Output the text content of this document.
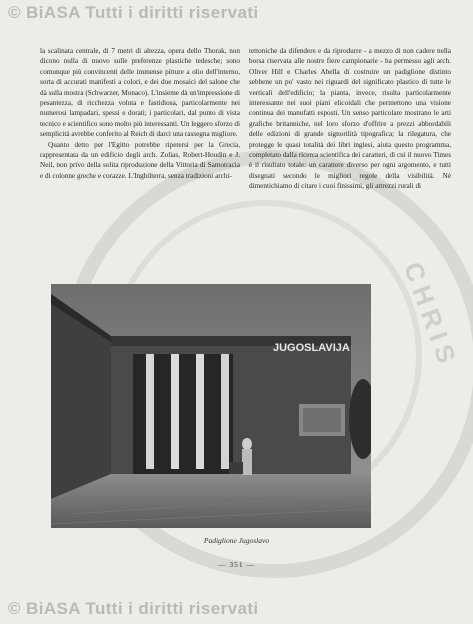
CHRIS
© BiASA Tutti i diritti riservati

la scalinata centrale, di 7 metri di altezza, opera dello Thorak, non dicono nulla di nuovo sulle preferenze plastiche tedesche; sono comunque più convincenti delle immense pitture a olio dell'interno, sorta di accurati manifesti a colori, e dei due mosaici del salone che dà sulla mostra (Schwarzer, Monaco). L'insieme dà un'impressione di pesantezza, di ricchezza voluta e fastidiosa, particolarmente nei numerosi lampadari, spessi e dorati; i particolari, dal punto di vista tecnico e scientifico sono molto più interessanti. Un leggero sforzo di semplicità avrebbe conferito al Reich di darci una rassegna migliore.

Quanto detto per l'Egitto potrebbe ripetersi per la Grecia, rappresentata da un edificio degli arch. Zolias, Robert-Houdin e J. Neil, non privo della solita riproduzione della Vittoria di Samotracia e di colonne greche e corazze. L'Inghilterra, senza tradizioni archi-

tettoniche da difendere e da riprodurre - a mezzo di non cadere nella borsa riservata alle nostre fiere campionarie - ha permesso agli arch. Oliver Hill e Charles Abella di costruire un padiglione distinto sebbene un po' vasto nei riguardi del significato plastico di tutte le verticali dell'edificio; la pianta, invece, risulta particolarmente interessante nei suoi piani elicoidali che permettono una visione continua dei manufatti esposti. Un senso particolare mostrano le arti grafiche britanniche, nel loro sforzo d'offrire a prezzi abbordabili delle edizioni di grande signorilità tipografica; la rilegatura, che protegge le quasi totalità dei libri inglesi, aiuta questo programma, completato dalla ricerca scientifica dei caratteri, di cui il nuovo Times è il risultato totale: un carattere diverso per ogni argomento, e tutti disegnati secondo le migliori regole della visibilità. Né dimentichiamo di citare i cuoi finissimi, gli attrezzi rurali di

JUGOSLAVIJA
Padiglione Jugoslavo
— 351 —
© BiASA Tutti i diritti riservati
